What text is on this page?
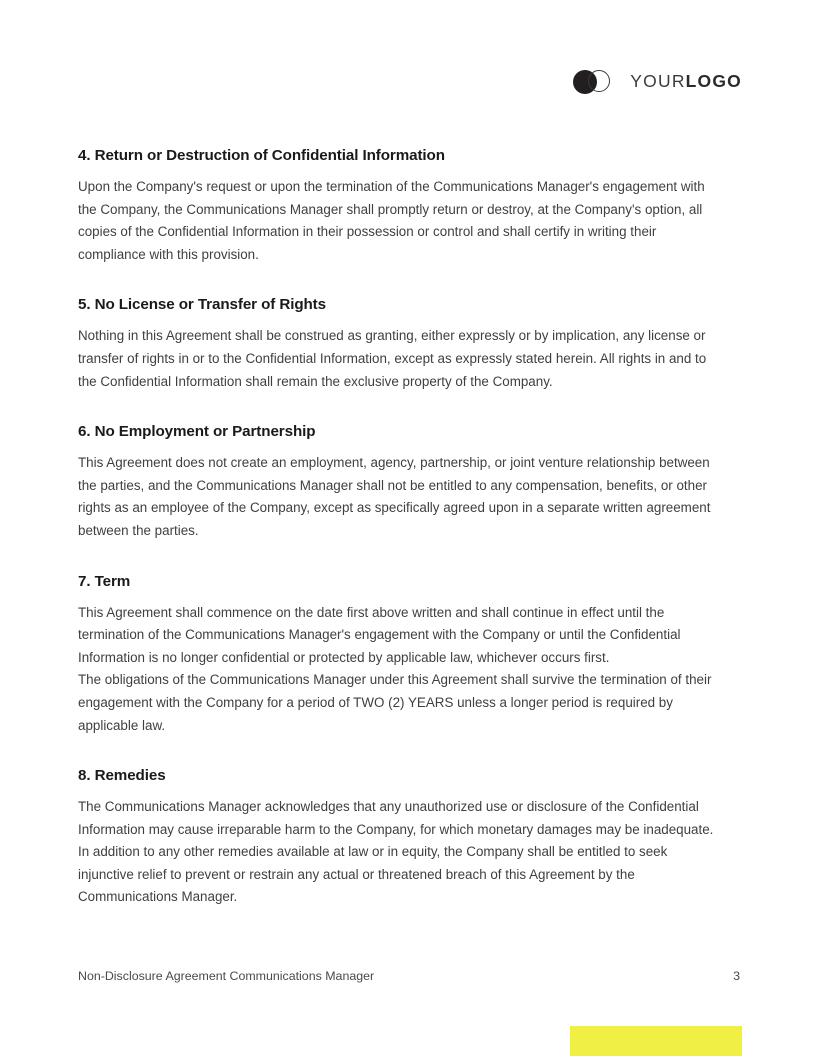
YOURLOGO
4. Return or Destruction of Confidential Information

Upon the Company's request or upon the termination of the Communications Manager's engagement with the Company, the Communications Manager shall promptly return or destroy, at the Company's option, all copies of the Confidential Information in their possession or control and shall certify in writing their compliance with this provision.

5. No License or Transfer of Rights

Nothing in this Agreement shall be construed as granting, either expressly or by implication, any license or transfer of rights in or to the Confidential Information, except as expressly stated herein. All rights in and to the Confidential Information shall remain the exclusive property of the Company.

6. No Employment or Partnership

This Agreement does not create an employment, agency, partnership, or joint venture relationship between the parties, and the Communications Manager shall not be entitled to any compensation, benefits, or other rights as an employee of the Company, except as specifically agreed upon in a separate written agreement between the parties.

7. Term

This Agreement shall commence on the date first above written and shall continue in effect until the termination of the Communications Manager's engagement with the Company or until the Confidential Information is no longer confidential or protected by applicable law, whichever occurs first.

The obligations of the Communications Manager under this Agreement shall survive the termination of their engagement with the Company for a period of TWO (2) YEARS unless a longer period is required by applicable law.

8. Remedies

The Communications Manager acknowledges that any unauthorized use or disclosure of the Confidential Information may cause irreparable harm to the Company, for which monetary damages may be inadequate. In addition to any other remedies available at law or in equity, the Company shall be entitled to seek injunctive relief to prevent or restrain any actual or threatened breach of this Agreement by the Communications Manager.

Non-Disclosure Agreement Communications Manager	3
